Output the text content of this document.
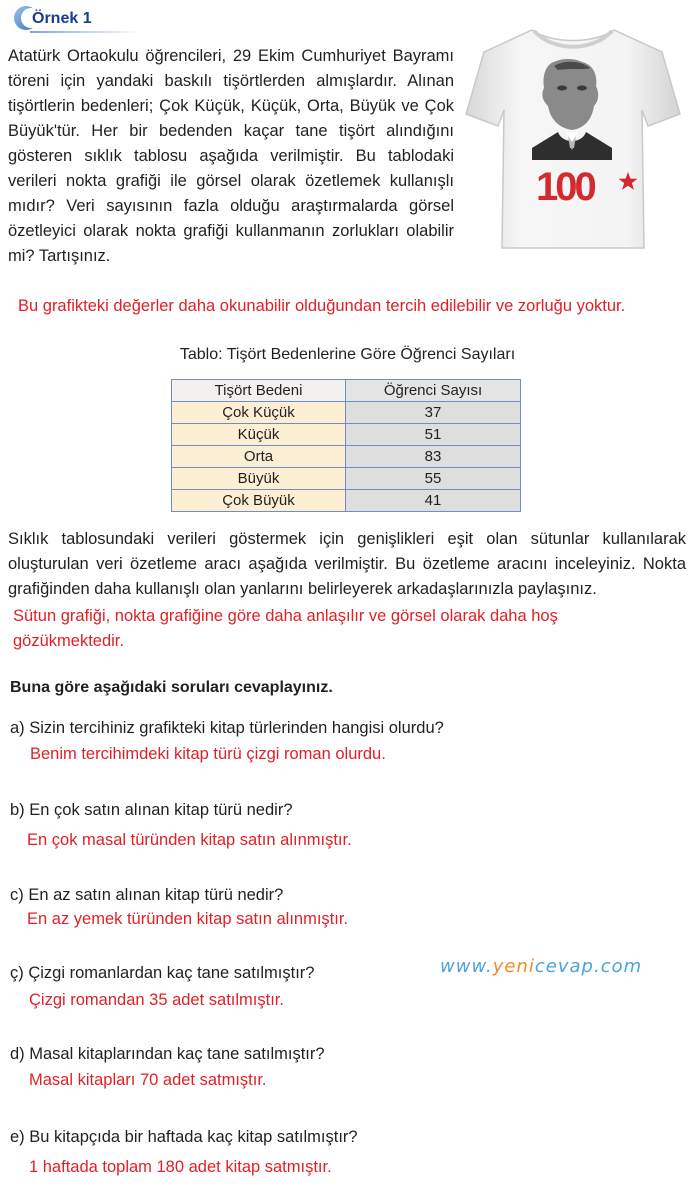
Örnek 1

Atatürk Ortaokulu öğrencileri, 29 Ekim Cumhuriyet Bayramı töreni için yandaki baskılı tişörtlerden almışlardır. Alınan tişörtlerin bedenleri; Çok Küçük, Küçük, Orta, Büyük ve Çok Büyük'tür. Her bir bedenden kaçar tane tişört alındığını gösteren sıklık tablosu aşağıda verilmiştir. Bu tablodaki verileri nokta grafiği ile görsel olarak özetlemek kullanışlı mıdır? Veri sayısının fazla olduğu araştırmalarda görsel özetleyici olarak nokta grafiği kullanmanın zorlukları olabilir mi? Tartışınız.

100

Bu grafikteki değerler daha okunabilir olduğundan tercih edilebilir ve zorluğu yoktur.

Tablo: Tişört Bedenlerine Göre Öğrenci Sayıları

Tişört Bedeni	Öğrenci Sayısı
Çok Küçük	37
Küçük	51
Orta	83
Büyük	55
Çok Büyük	41

Sıklık tablosundaki verileri göstermek için genişlikleri eşit olan sütunlar kullanılarak oluşturulan veri özetleme aracı aşağıda verilmiştir. Bu özetleme aracını inceleyiniz. Nokta grafiğinden daha kullanışlı olan yanlarını belirleyerek arkadaşlarınızla paylaşınız.

Sütun grafiği, nokta grafiğine göre daha anlaşılır ve görsel olarak daha hoş gözükmektedir.

Buna göre aşağıdaki soruları cevaplayınız.

a) Sizin tercihiniz grafikteki kitap türlerinden hangisi olurdu?

Benim tercihimdeki kitap türü çizgi roman olurdu.

b) En çok satın alınan kitap türü nedir?

En çok masal türünden kitap satın alınmıştır.

c) En az satın alınan kitap türü nedir?

En az yemek türünden kitap satın alınmıştır.

ç) Çizgi romanlardan kaç tane satılmıştır?

Çizgi romandan 35 adet satılmıştır.

d) Masal kitaplarından kaç tane satılmıştır?

Masal kitapları 70 adet satmıştır.

e) Bu kitapçıda bir haftada kaç kitap satılmıştır?

1 haftada toplam 180 adet kitap satmıştır.

www.yenicevap.com
